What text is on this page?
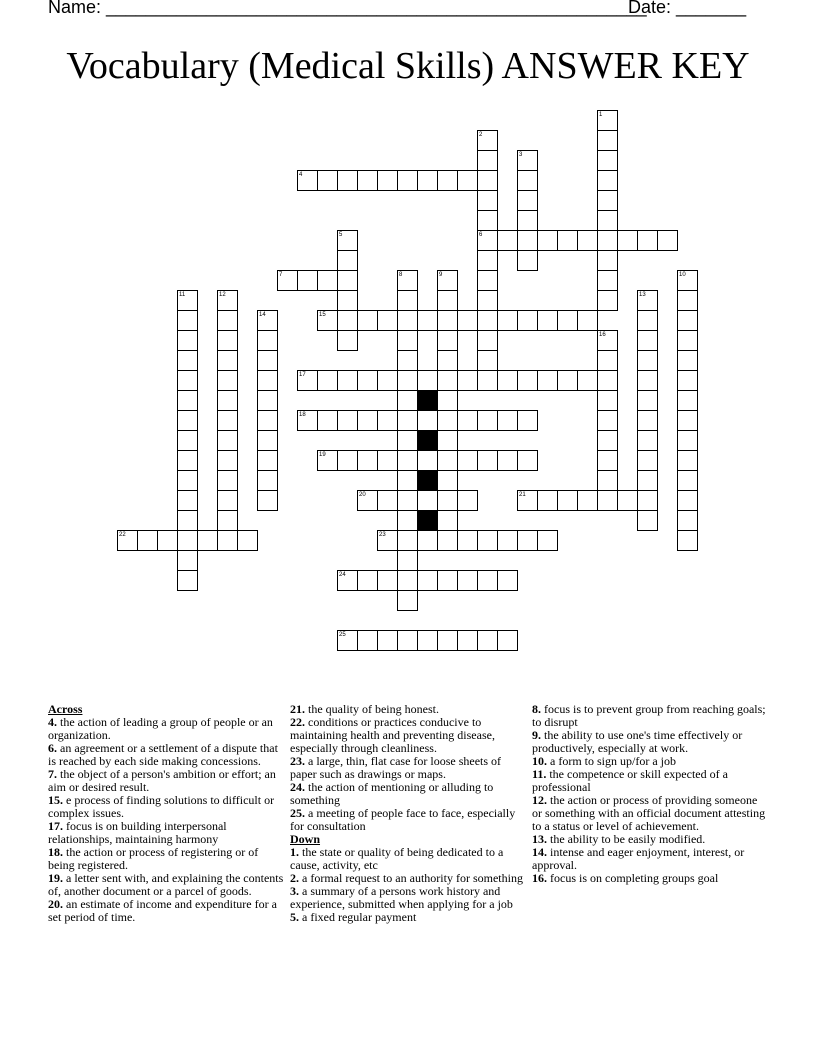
Name: ______________________________________________________
Date: _______
Vocabulary (Medical Skills) ANSWER KEY
1
2
3
4
5	6
7	8	9	10
11	12	13
14	15
16
17
18
19
20	21
22	23
24
25
Across
4. the action of leading a group of people or an organization.
6. an agreement or a settlement of a dispute that is reached by each side making concessions.
7. the object of a person's ambition or effort; an aim or desired result.
15. e process of finding solutions to difficult or complex issues.
17. focus is on building interpersonal relationships, maintaining harmony
18. the action or process of registering or of being registered.
19. a letter sent with, and explaining the contents of, another document or a parcel of goods.
20. an estimate of income and expenditure for a set period of time.
21. the quality of being honest.
22. conditions or practices conducive to maintaining health and preventing disease, especially through cleanliness.
23. a large, thin, flat case for loose sheets of paper such as drawings or maps.
24. the action of mentioning or alluding to something
25. a meeting of people face to face, especially for consultation
Down
1. the state or quality of being dedicated to a cause, activity, etc
2. a formal request to an authority for something
3. a summary of a persons work history and experience, submitted when applying for a job
5. a fixed regular payment
8. focus is to prevent group from reaching goals; to disrupt
9. the ability to use one's time effectively or productively, especially at work.
10. a form to sign up/for a job
11. the competence or skill expected of a professional
12. the action or process of providing someone or something with an official document attesting to a status or level of achievement.
13. the ability to be easily modified.
14. intense and eager enjoyment, interest, or approval.
16. focus is on completing groups goal
